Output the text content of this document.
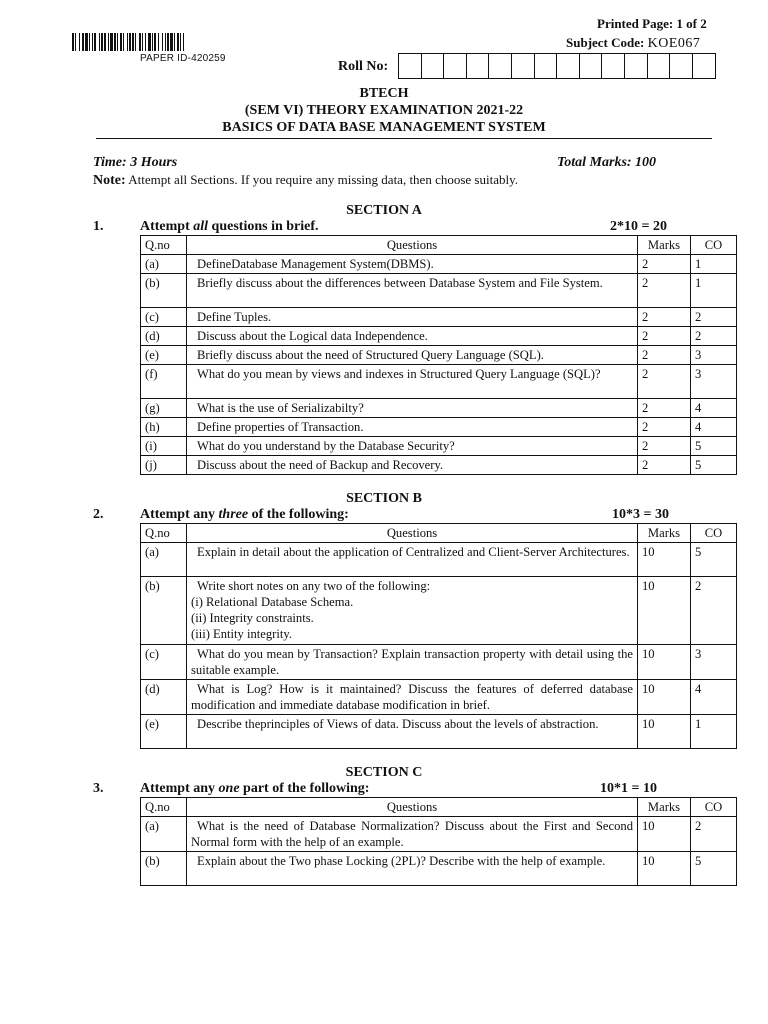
PAPER ID-420259
Printed Page: 1 of 2
Subject Code: KOE067
Roll No:
BTECH
(SEM VI) THEORY EXAMINATION 2021-22
BASICS OF DATA BASE MANAGEMENT SYSTEM
Time: 3 Hours	Total Marks: 100
Note: Attempt all Sections. If you require any missing data, then choose suitably.
SECTION A
1.	Attempt all questions in brief.	2*10 = 20
Q.no	Questions	Marks	CO
(a)	DefineDatabase Management System(DBMS).	2	1
(b)	Briefly discuss about the differences between Database System and File System.	2	1
(c)	Define Tuples.	2	2
(d)	Discuss about the Logical data Independence.	2	2
(e)	Briefly discuss about the need of Structured Query Language (SQL).	2	3
(f)	What do you mean by views and indexes in Structured Query Language (SQL)?	2	3
(g)	What is the use of Serializabilty?	2	4
(h)	Define properties of Transaction.	2	4
(i)	What do you understand by the Database Security?	2	5
(j)	Discuss about the need of Backup and Recovery.	2	5
SECTION B
2.	Attempt any three of the following:	10*3 = 30
Q.no	Questions	Marks	CO
(a)	Explain in detail about the application of Centralized and Client-Server Architectures.	10	5
(b)	Write short notes on any two of the following:
(i) Relational Database Schema.
(ii) Integrity constraints.
(iii) Entity integrity.	10	2
(c)	What do you mean by Transaction? Explain transaction property with detail using the suitable example.	10	3
(d)	What is Log? How is it maintained? Discuss the features of deferred database modification and immediate database modification in brief.	10	4
(e)	Describe theprinciples of Views of data. Discuss about the levels of abstraction.	10	1
SECTION C
3.	Attempt any one part of the following:	10*1 = 10
Q.no	Questions	Marks	CO
(a)	What is the need of Database Normalization? Discuss about the First and Second Normal form with the help of an example.	10	2
(b)	Explain about the Two phase Locking (2PL)? Describe with the help of example.	10	5
